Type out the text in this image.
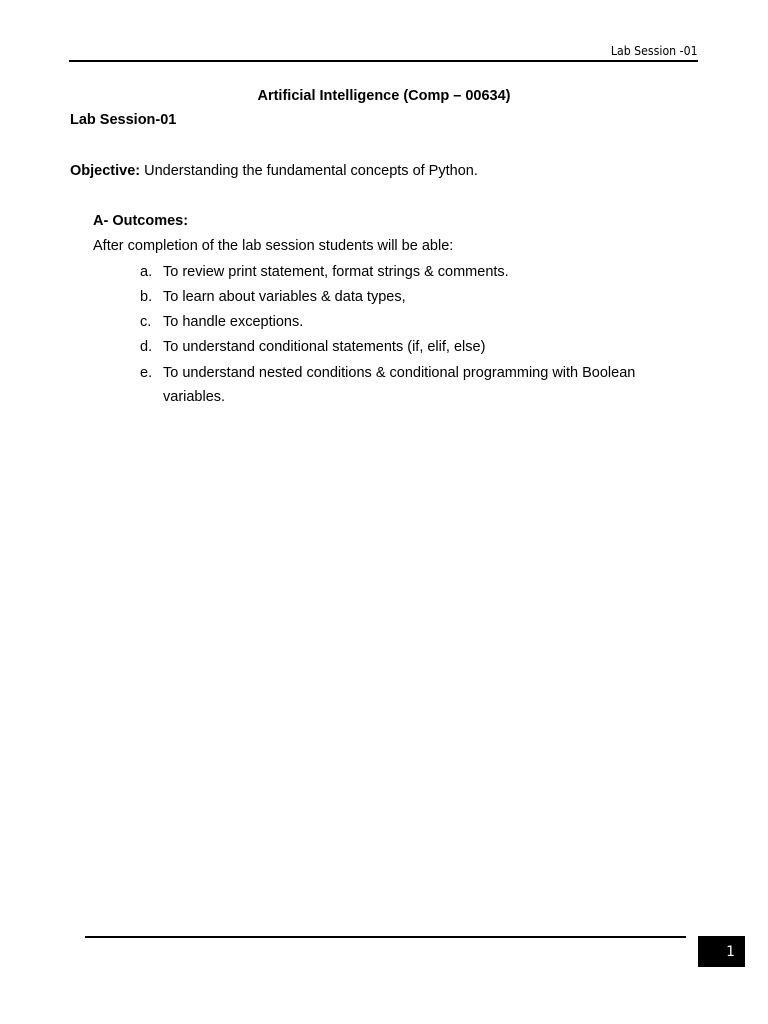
Lab Session -01
Artificial Intelligence (Comp – 00634)
Lab Session-01
Objective: Understanding the fundamental concepts of Python.
A- Outcomes:
After completion of the lab session students will be able:
a. To review print statement, format strings & comments.
b. To learn about variables & data types,
c. To handle exceptions.
d. To understand conditional statements (if, elif, else)
e. To understand nested conditions & conditional programming with Boolean
variables.
1
